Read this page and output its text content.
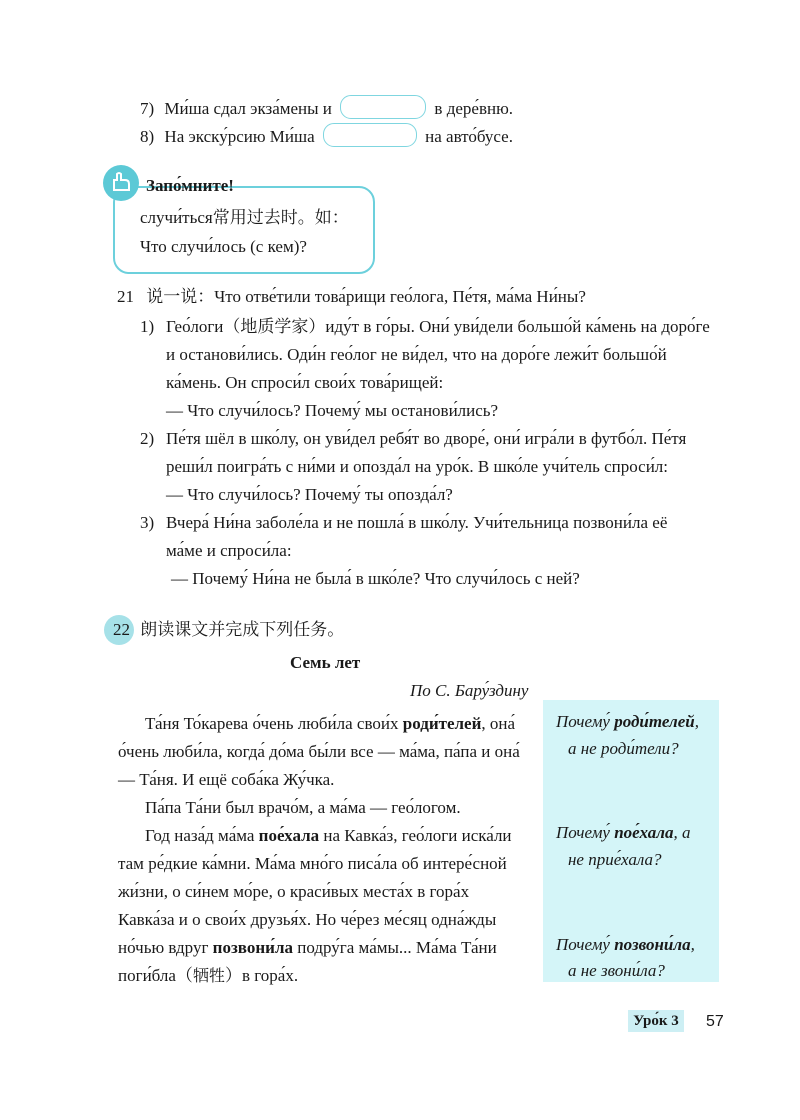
7) Ми́ша сдал экза́мены и	в дере́вню.
8) На экску́рсию Ми́ша	на авто́бусе.
Запо́мните!
случи́ться常用过去时。如：
Что случи́лось (с кем)?
21 说一说：Что отве́тили това́рищи гео́лога, Пе́тя, ма́ма Ни́ны?
1) Гео́логи（地质学家）иду́т в го́ры. Они́ уви́дели большо́й ка́мень на доро́ге
и останови́лись. Оди́н гео́лог не ви́дел, что на доро́ге лежи́т большо́й
ка́мень. Он спроси́л свои́х това́рищей:
— Что случи́лось? Почему́ мы останови́лись?
2) Пе́тя шёл в шко́лу, он уви́дел ребя́т во дворе́, они́ игра́ли в футбо́л. Пе́тя
реши́л поигра́ть с ни́ми и опозда́л на уро́к. В шко́ле учи́тель спроси́л:
— Что случи́лось? Почему́ ты опозда́л?
3) Вчера́ Ни́на заболе́ла и не пошла́ в шко́лу. Учи́тельница позвони́ла её
ма́ме и спроси́ла:
— Почему́ Ни́на не была́ в шко́ле? Что случи́лось с ней?
22 朗读课文并完成下列任务。
Семь лет
По С. Бару́здину
Почему́ роди́телей,
а не роди́тели?
Почему́ пое́хала, а
не прие́хала?
Почему́ позвони́ла,
а не звони́ла?
Та́ня То́карева о́чень люби́ла свои́х роди́телей, она́
о́чень люби́ла, когда́ до́ма бы́ли все — ма́ма, па́па и она́
— Та́ня. И ещё соба́ка Жу́чка.
Па́па Та́ни был врачо́м, а ма́ма — гео́логом.
Год наза́д ма́ма пое́хала на Кавка́з, гео́логи иска́ли
там ре́дкие ка́мни. Ма́ма мно́го писа́ла об интере́сной
жи́зни, о си́нем мо́ре, о краси́вых места́х в гора́х
Кавка́за и о свои́х друзья́х. Но че́рез ме́сяц одна́жды
но́чью вдруг позвони́ла подру́га ма́мы... Ма́ма Та́ни
поги́бла（牺牲）в гора́х.
Уро́к 3	57
